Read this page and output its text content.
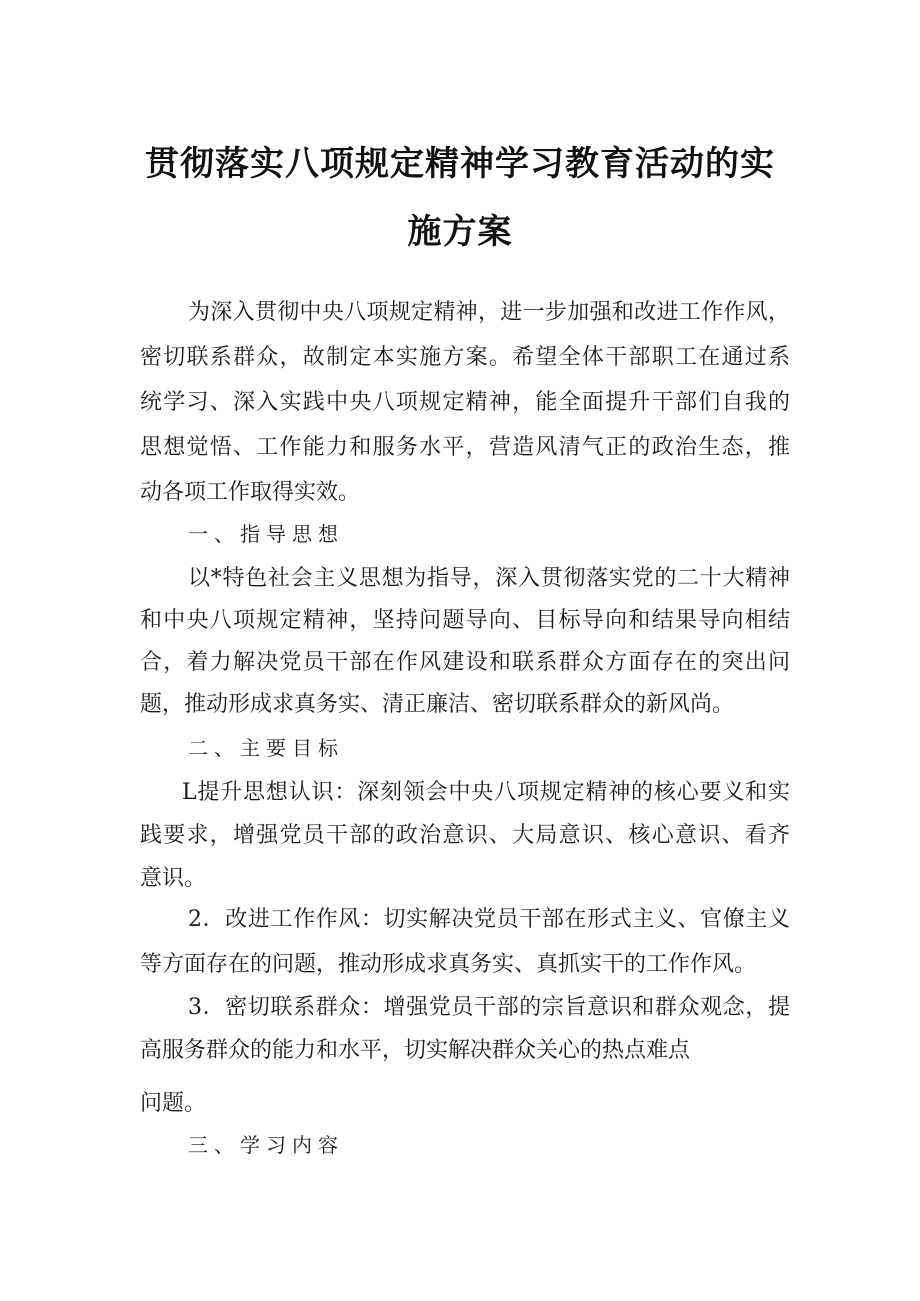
贯彻落实八项规定精神学习教育活动的实
施方案
为深入贯彻中央八项规定精神，进一步加强和改进工作作风，
密切联系群众，故制定本实施方案。希望全体干部职工在通过系
统学习、深入实践中央八项规定精神，能全面提升干部们自我的
思想觉悟、工作能力和服务水平，营造风清气正的政治生态，推
动各项工作取得实效。
一、指导思想
以*特色社会主义思想为指导，深入贯彻落实党的二十大精神
和中央八项规定精神，坚持问题导向、目标导向和结果导向相结
合，着力解决党员干部在作风建设和联系群众方面存在的突出问
题，推动形成求真务实、清正廉洁、密切联系群众的新风尚。
二、主要目标
L提升思想认识：深刻领会中央八项规定精神的核心要义和实
践要求，增强党员干部的政治意识、大局意识、核心意识、看齐
意识。
2．改进工作作风：切实解决党员干部在形式主义、官僚主义
等方面存在的问题，推动形成求真务实、真抓实干的工作作风。
3．密切联系群众：增强党员干部的宗旨意识和群众观念，提
高服务群众的能力和水平，切实解决群众关心的热点难点
问题。
三、学习内容
